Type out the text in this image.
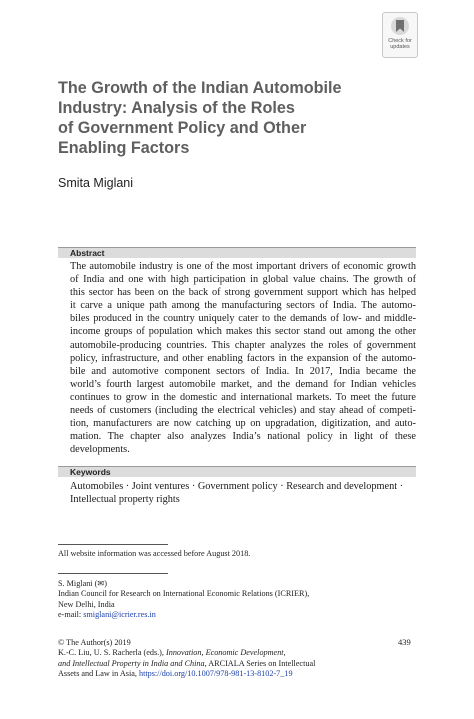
Check for
updates
The Growth of the Indian Automobile
Industry: Analysis of the Roles
of Government Policy and Other
Enabling Factors
Smita Miglani
Abstract
The automobile industry is one of the most important drivers of economic growth
of India and one with high participation in global value chains. The growth of
this sector has been on the back of strong government support which has helped
it carve a unique path among the manufacturing sectors of India. The automo-
biles produced in the country uniquely cater to the demands of low- and middle-
income groups of population which makes this sector stand out among the other
automobile-producing countries. This chapter analyzes the roles of government
policy, infrastructure, and other enabling factors in the expansion of the automo-
bile and automotive component sectors of India. In 2017, India became the
world’s fourth largest automobile market, and the demand for Indian vehicles
continues to grow in the domestic and international markets. To meet the future
needs of customers (including the electrical vehicles) and stay ahead of competi-
tion, manufacturers are now catching up on upgradation, digitization, and auto-
mation. The chapter also analyzes India’s national policy in light of these
developments.
Keywords
Automobiles · Joint ventures · Government policy · Research and development ·
Intellectual property rights
All website information was accessed before August 2018.
S. Miglani (✉)
Indian Council for Research on International Economic Relations (ICRIER),
New Delhi, India
e-mail: smiglani@icrier.res.in
© The Author(s) 2019
K.-C. Liu, U. S. Racherla (eds.), Innovation, Economic Development,
and Intellectual Property in India and China, ARCIALA Series on Intellectual
Assets and Law in Asia, https://doi.org/10.1007/978-981-13-8102-7_19
439
